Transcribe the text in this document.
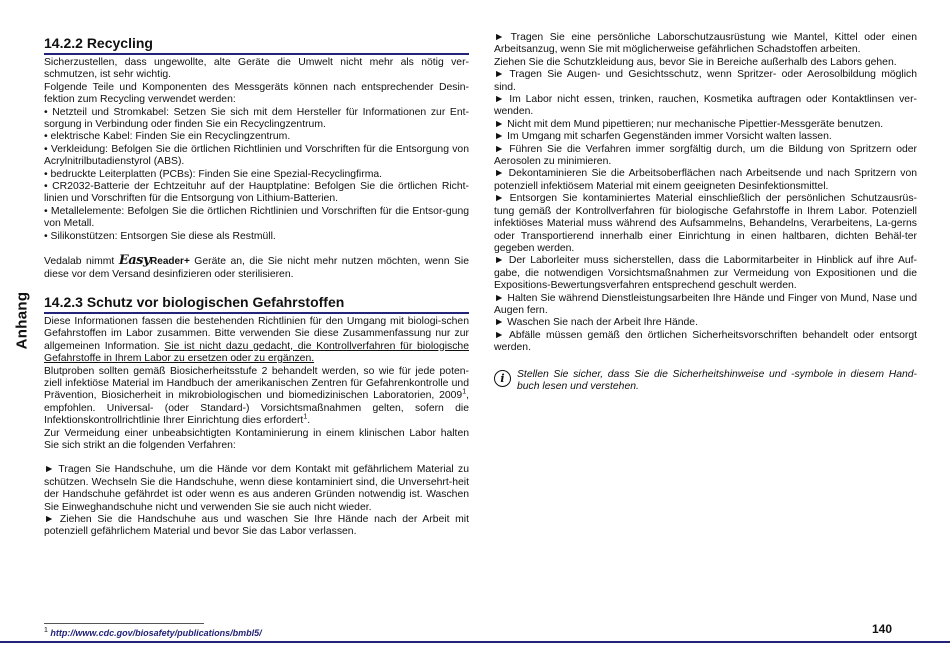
Anhang
14.2.2 Recycling

Sicherzustellen, dass ungewollte, alte Geräte die Umwelt nicht mehr als nötig ver-schmutzen, ist sehr wichtig.

Folgende Teile und Komponenten des Messgeräts können nach entsprechender Desin-fektion zum Recycling verwendet werden:

• Netzteil und Stromkabel: Setzen Sie sich mit dem Hersteller für Informationen zur Ent-sorgung in Verbindung oder finden Sie ein Recyclingzentrum.

• elektrische Kabel: Finden Sie ein Recyclingzentrum.

• Verkleidung: Befolgen Sie die örtlichen Richtlinien und Vorschriften für die Entsorgung von Acrylnitrilbutadienstyrol (ABS).

• bedruckte Leiterplatten (PCBs): Finden Sie eine Spezial-Recyclingfirma.

• CR2032-Batterie der Echtzeituhr auf der Hauptplatine: Befolgen Sie die örtlichen Richt-linien und Vorschriften für die Entsorgung von Lithium-Batterien.

• Metallelemente: Befolgen Sie die örtlichen Richtlinien und Vorschriften für die Entsor-gung von Metall.

• Silikonstützen: Entsorgen Sie diese als Restmüll.

Vedalab nimmt EasyReader+ Geräte an, die Sie nicht mehr nutzen möchten, wenn Sie diese vor dem Versand desinfizieren oder sterilisieren.

14.2.3 Schutz vor biologischen Gefahrstoffen

Diese Informationen fassen die bestehenden Richtlinien für den Umgang mit biologi-schen Gefahrstoffen im Labor zusammen. Bitte verwenden Sie diese Zusammenfassung nur zur allgemeinen Information. Sie ist nicht dazu gedacht, die Kontrollverfahren für biologische Gefahrstoffe in Ihrem Labor zu ersetzen oder zu ergänzen.

Blutproben sollten gemäß Biosicherheitsstufe 2 behandelt werden, so wie für jede poten-ziell infektiöse Material im Handbuch der amerikanischen Zentren für Gefahrenkontrolle und Prävention, Biosicherheit in mikrobiologischen und biomedizinischen Laboratorien, 2009$^1$, empfohlen. Universal- (oder Standard-) Vorsichtsmaßnahmen gelten, sofern die Infektionskontrollrichtlinie Ihrer Einrichtung dies erfordert$^1$.

Zur Vermeidung einer unbeabsichtigten Kontaminierung in einem klinischen Labor halten Sie sich strikt an die folgenden Verfahren:

► Tragen Sie Handschuhe, um die Hände vor dem Kontakt mit gefährlichem Material zu schützen. Wechseln Sie die Handschuhe, wenn diese kontaminiert sind, die Unversehrt-heit der Handschuhe gefährdet ist oder wenn es aus anderen Gründen notwendig ist. Waschen Sie Einweghandschuhe nicht und verwenden Sie sie auch nicht wieder.

► Ziehen Sie die Handschuhe aus und waschen Sie Ihre Hände nach der Arbeit mit potenziell gefährlichem Material und bevor Sie das Labor verlassen.

► Tragen Sie eine persönliche Laborschutzausrüstung wie Mantel, Kittel oder einen Arbeitsanzug, wenn Sie mit möglicherweise gefährlichen Schadstoffen arbeiten.

Ziehen Sie die Schutzkleidung aus, bevor Sie in Bereiche außerhalb des Labors gehen.

► Tragen Sie Augen- und Gesichtsschutz, wenn Spritzer- oder Aerosolbildung möglich sind.

► Im Labor nicht essen, trinken, rauchen, Kosmetika auftragen oder Kontaktlinsen ver-wenden.

► Nicht mit dem Mund pipettieren; nur mechanische Pipettier-Messgeräte benutzen.

► Im Umgang mit scharfen Gegenständen immer Vorsicht walten lassen.

► Führen Sie die Verfahren immer sorgfältig durch, um die Bildung von Spritzern oder Aerosolen zu minimieren.

► Dekontaminieren Sie die Arbeitsoberflächen nach Arbeitsende und nach Spritzern von potenziell infektiösem Material mit einem geeigneten Desinfektionsmittel.

► Entsorgen Sie kontaminiertes Material einschließlich der persönlichen Schutzausrüs-tung gemäß der Kontrollverfahren für biologische Gefahrstoffe in Ihrem Labor. Potenziell infektiöses Material muss während des Aufsammelns, Behandelns, Verarbeitens, La-gerns oder Transportierend innerhalb einer Einrichtung in einen haltbaren, dichten Behäl-ter gegeben werden.

► Der Laborleiter muss sicherstellen, dass die Labormitarbeiter in Hinblick auf ihre Auf-gabe, die notwendigen Vorsichtsmaßnahmen zur Vermeidung von Expositionen und die Expositions-Bewertungsverfahren entsprechend geschult werden.

► Halten Sie während Dienstleistungsarbeiten Ihre Hände und Finger von Mund, Nase und Augen fern.

► Waschen Sie nach der Arbeit Ihre Hände.

► Abfälle müssen gemäß den örtlichen Sicherheitsvorschriften behandelt oder entsorgt werden.

i	Stellen Sie sicher, dass Sie die Sicherheitshinweise und -symbole in diesem Hand-buch lesen und verstehen.
$^1$ http://www.cdc.gov/biosafety/publications/bmbl5/	140
